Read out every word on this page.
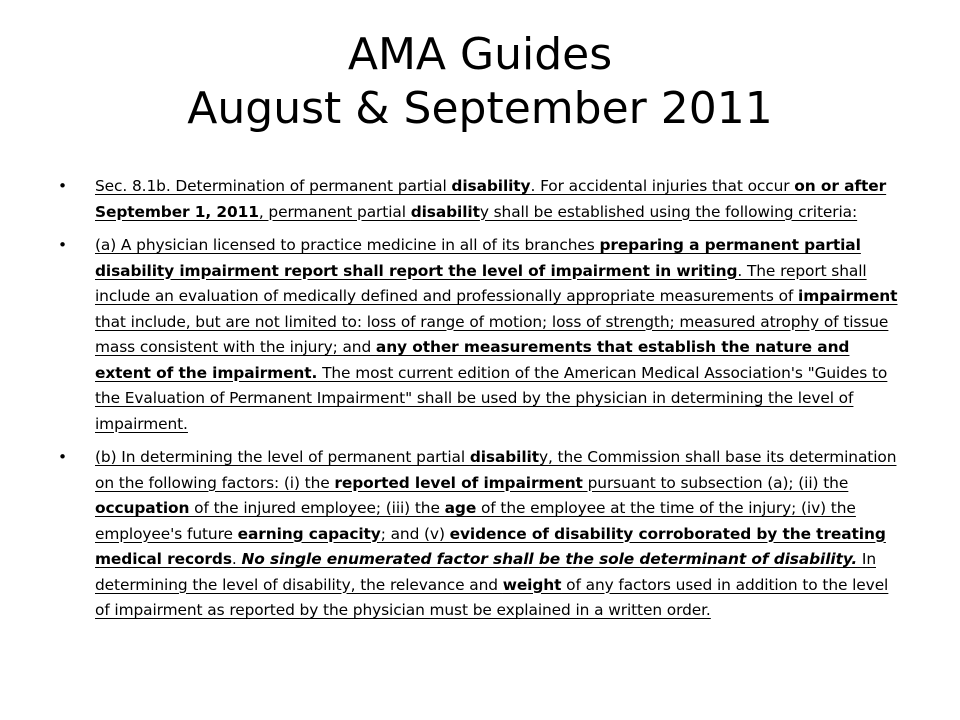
AMA Guides
August & September 2011
• Sec. 8.1b. Determination of permanent partial disability. For accidental injuries that occur on or after September 1, 2011, permanent partial disability shall be established using the following criteria:
• (a) A physician licensed to practice medicine in all of its branches preparing a permanent partial disability impairment report shall report the level of impairment in writing. The report shall include an evaluation of medically defined and professionally appropriate measurements of impairment that include, but are not limited to: loss of range of motion; loss of strength; measured atrophy of tissue mass consistent with the injury; and any other measurements that establish the nature and extent of the impairment. The most current edition of the American Medical Association's "Guides to the Evaluation of Permanent Impairment" shall be used by the physician in determining the level of impairment.
• (b) In determining the level of permanent partial disability, the Commission shall base its determination on the following factors: (i) the reported level of impairment pursuant to subsection (a); (ii) the occupation of the injured employee; (iii) the age of the employee at the time of the injury; (iv) the employee's future earning capacity; and (v) evidence of disability corroborated by the treating medical records. No single enumerated factor shall be the sole determinant of disability. In determining the level of disability, the relevance and weight of any factors used in addition to the level of impairment as reported by the physician must be explained in a written order.
